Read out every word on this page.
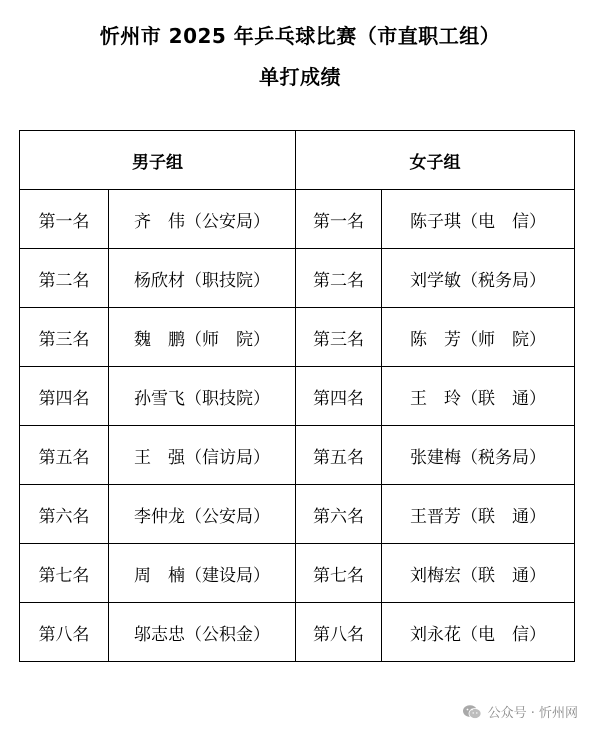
忻州市 2025 年乒乓球比赛（市直职工组）
单打成绩
男子组		女子组	
第一名	齐　伟（公安局）	第一名	陈子琪（电　信）
第二名	杨欣材（职技院）	第二名	刘学敏（税务局）
第三名	魏　鹏（师　院）	第三名	陈　芳（师　院）
第四名	孙雪飞（职技院）	第四名	王　玲（联　通）
第五名	王　强（信访局）	第五名	张建梅（税务局）
第六名	李仲龙（公安局）	第六名	王晋芳（联　通）
第七名	周　楠（建设局）	第七名	刘梅宏（联　通）
第八名	邬志忠（公积金）	第八名	刘永花（电　信）
公众号 · 忻州网
